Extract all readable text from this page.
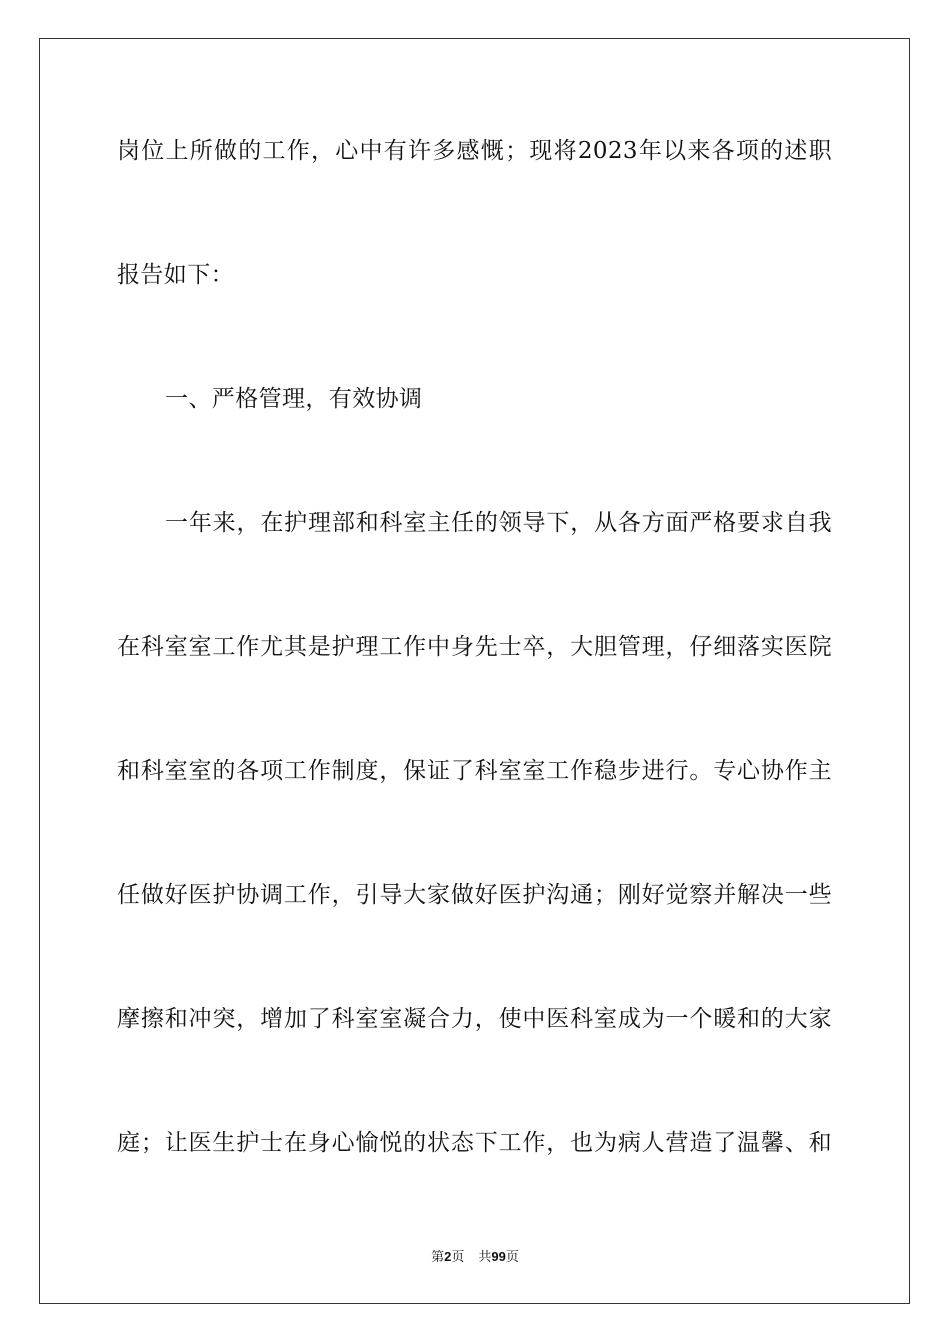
岗位上所做的工作，心中有许多感慨；现将2023年以来各项的述职
报告如下：
一、严格管理，有效协调
一年来，在护理部和科室主任的领导下，从各方面严格要求自我
在科室室工作尤其是护理工作中身先士卒，大胆管理，仔细落实医院
和科室室的各项工作制度，保证了科室室工作稳步进行。专心协作主
任做好医护协调工作，引导大家做好医护沟通；刚好觉察并解决一些
摩擦和冲突，增加了科室室凝合力，使中医科室成为一个暖和的大家
庭；让医生护士在身心愉悦的状态下工作，也为病人营造了温馨、和
第2页 共99页
